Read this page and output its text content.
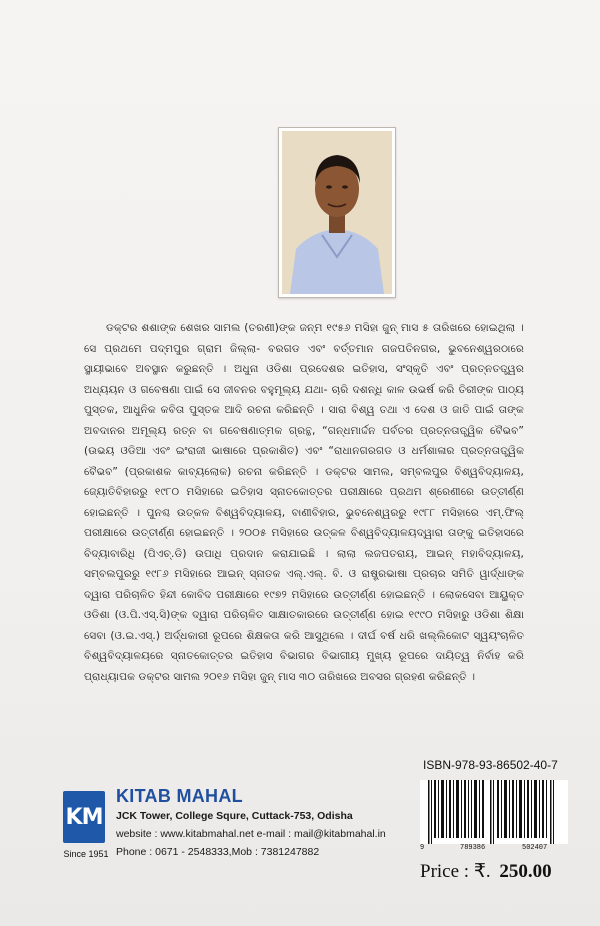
ଡକ୍ଟର ଶଶାଙ୍କ ଶେଖର ସାମଲ (ତରଣୀ)ଙ୍କ ଜନ୍ମ ୧୯୫୬ ମସିହା ଜୁନ୍ ମାସ ୫ ତାରିଖରେ ହୋଇଥିଲା । ସେ ପ୍ରଥମେ ପଦ୍ମପୁର ଗ୍ରାମ ଜିଲ୍ଲା- ବରଗଡ ଏବଂ ବର୍ତ୍ତମାନ ଗଜପତିନଗର, ଭୁବନେଶ୍ୱରଠାରେ ସ୍ଥାୟୀଭାବେ ଅବସ୍ଥାନ କରୁଛନ୍ତି । ଅଧୁନା ଓଡିଶା ପ୍ରଦେଶର ଇତିହାସ, ସଂସ୍କୃତି ଏବଂ ପ୍ରତ୍ନତତ୍ତ୍ୱର ଅଧ୍ୟୟନ ଓ ଗବେଷଣା ପାଇଁ ସେ ଜୀବନର ବହୁମୂଲ୍ୟ ଯଥା- ଚାରି ଦଶନ୍ଧି କାଳ ଉଭର୍ଷ କରି ତିରୀଙ୍କ ପାଠ୍ୟ ପୁସ୍ତକ, ଆଧୁନିକ କବିତା ପୁସ୍ତକ ଆଦି ରଚନା କରିଛନ୍ତି । ସାରା ବିଶ୍ୱ ତଥା ଏ ଦେଶ ଓ ଜାତି ପାଇଁ ତାଙ୍କ ଅବଦାନର ଅମୂଲ୍ୟ ରତ୍ନ ବା ଗବେଷଣାତ୍ମକ ଗ୍ରନ୍ଥ, “ଗନ୍ଧମାର୍ଦ୍ଦନ ପର୍ବତର ପ୍ରତ୍ନତାତ୍ତ୍ୱିକ ବୈଭବ” (ଉଭୟ ଓଡିଆ ଏବଂ ଇଂରାଜୀ ଭାଷାରେ ପ୍ରକାଶିତ) ଏବଂ “ରାଧାନଗରଗଡ ଓ ଧର୍ମଶାଳାର ପ୍ରତ୍ନତାତ୍ତ୍ୱିକ ବୈଭବ” (ପ୍ରକାଶକ କାବ୍ୟଲୋକ) ରଚନା କରିଛନ୍ତି । ଡକ୍ଟର ସାମଲ, ସମ୍ବଲପୁର ବିଶ୍ୱବିଦ୍ୟାଳୟ, ଜ୍ୟୋତିବିହାରରୁ ୧୯୮୦ ମସିହାରେ ଇତିହାସ ସ୍ନାତକୋତ୍ତର ପରୀକ୍ଷାରେ ପ୍ରଥମ ଶ୍ରେଣୀରେ ଉତ୍ତୀର୍ଣ୍ଣ ହୋଇଛନ୍ତି । ପୁନଶ୍ଚ ଉତ୍କଳ ବିଶ୍ୱବିଦ୍ୟାଳୟ, ବାଣୀବିହାର, ଭୁବନେଶ୍ୱରରୁ ୧୯୮୮ ମସିହାରେ ଏମ୍.ଫିଲ୍ ପରୀକ୍ଷାରେ ଉତ୍ତୀର୍ଣ୍ଣ ହୋଇଛନ୍ତି । ୨୦୦୫ ମସିହାରେ ଉତ୍କଳ ବିଶ୍ୱବିଦ୍ୟାଳୟଦ୍ୱାରା ତାଙ୍କୁ ଇତିହାସରେ ବିଦ୍ୟାବାରିଧି (ପିଏଚ୍.ଡି) ଉପାଧି ପ୍ରଦାନ କରାଯାଇଛି । ଲାଲା ଲଜପତରାୟ, ଆଇନ୍ ମହାବିଦ୍ୟାଳୟ, ସମ୍ବଲପୁରରୁ ୧୯୮୬ ମସିହାରେ ଆଇନ୍ ସ୍ନାତକ ଏଲ୍.ଏଲ୍. ବି. ଓ ରାଷ୍ଟ୍ରଭାଷା ପ୍ରଚାର ସମିତି ୱାର୍ଦ୍ଧାଙ୍କ ଦ୍ୱାରା ପରିଚାଳିତ ହିନ୍ଦୀ କୋବିଦ ପରୀକ୍ଷାରେ ୧୯୭୨ ମସିହାରେ ଉତ୍ତୀର୍ଣ୍ଣ ହୋଇଛନ୍ତି । ଲୋକସେବା ଆୟୁକ୍ତ ଓଡିଶା (ଓ.ପି.ଏସ୍.ସି)ଙ୍କ ଦ୍ୱାରା ପରିଚାଳିତ ସାକ୍ଷାତକାରରେ ଉତ୍ତୀର୍ଣ୍ଣ ହୋଇ ୧୯୯୦ ମସିହାରୁ ଓଡିଶା ଶିକ୍ଷା ସେବା (ଓ.ଇ.ଏସ୍.) ଅର୍ଦ୍ଧକାରୀ ରୂପରେ ଶିକ୍ଷକତା କରି ଆସୁଥିଲେ । ଦୀର୍ଘ ବର୍ଷ ଧରି ଖଲ୍ଲିକୋଟ ସ୍ୱୟଂଚାଳିତ ବିଶ୍ୱବିଦ୍ୟାଳୟରେ ସ୍ନାତକୋତ୍ତର ଇତିହାସ ବିଭାଗର ବିଭାଗୀୟ ମୁଖ୍ୟ ରୂପରେ ଦାୟିତ୍ୱ ନିର୍ବାହ କରି ପ୍ରାଧ୍ୟାପକ ଡକ୍ଟର ସାମଲ ୨୦୧୬ ମସିହା ଜୁନ୍ ମାସ ୩୦ ତାରିଖରେ ଅବସର ଗ୍ରହଣ କରିଛନ୍ତି ।

ISBN-978-93-86502-40-7
9	789386	502407
Price : ₹. 250.00
KM
Since 1951
KITAB MAHAL
JCK Tower, College Squre, Cuttack-753, Odisha
website : www.kitabmahal.net e-mail : mail@kitabmahal.in
Phone : 0671 - 2548333,Mob : 7381247882
